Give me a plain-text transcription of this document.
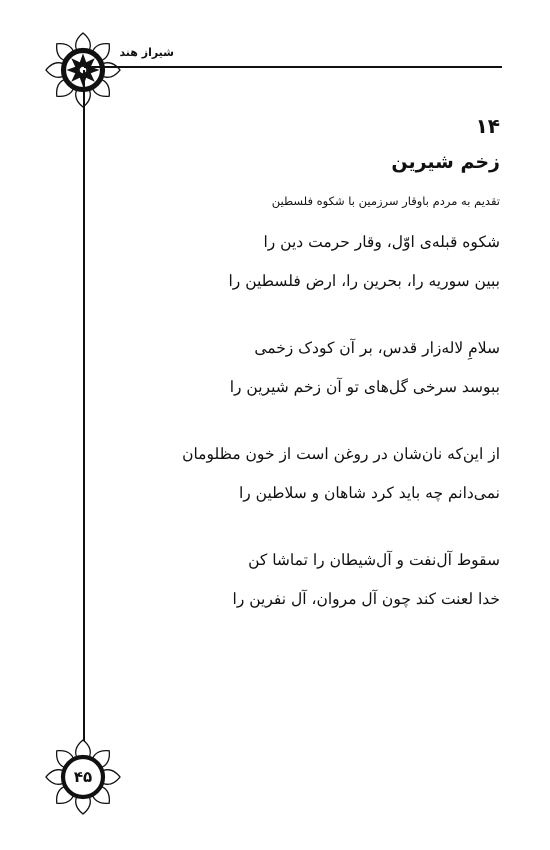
شیراز هند
۱۴
زخم شیرین
تقدیم به مردم باوقار سرزمین با شکوه فلسطین

شکوه قبله‌ی اوّل، وقار حرمت دین را

ببین سوریه را، بحرین را، ارض فلسطین را

سلامِ لاله‌زار قدس، بر آن کودک زخمی

ببوسد سرخی گل‌های تو آن زخم شیرین را

از این‌که نان‌شان در روغن است از خون مظلومان

نمی‌دانم چه باید کرد شاهان و سلاطین را

سقوط آل‌نفت و آل‌شیطان را تماشا کن

خدا لعنت کند چون آل مروان، آل نفرین را

۴۵
